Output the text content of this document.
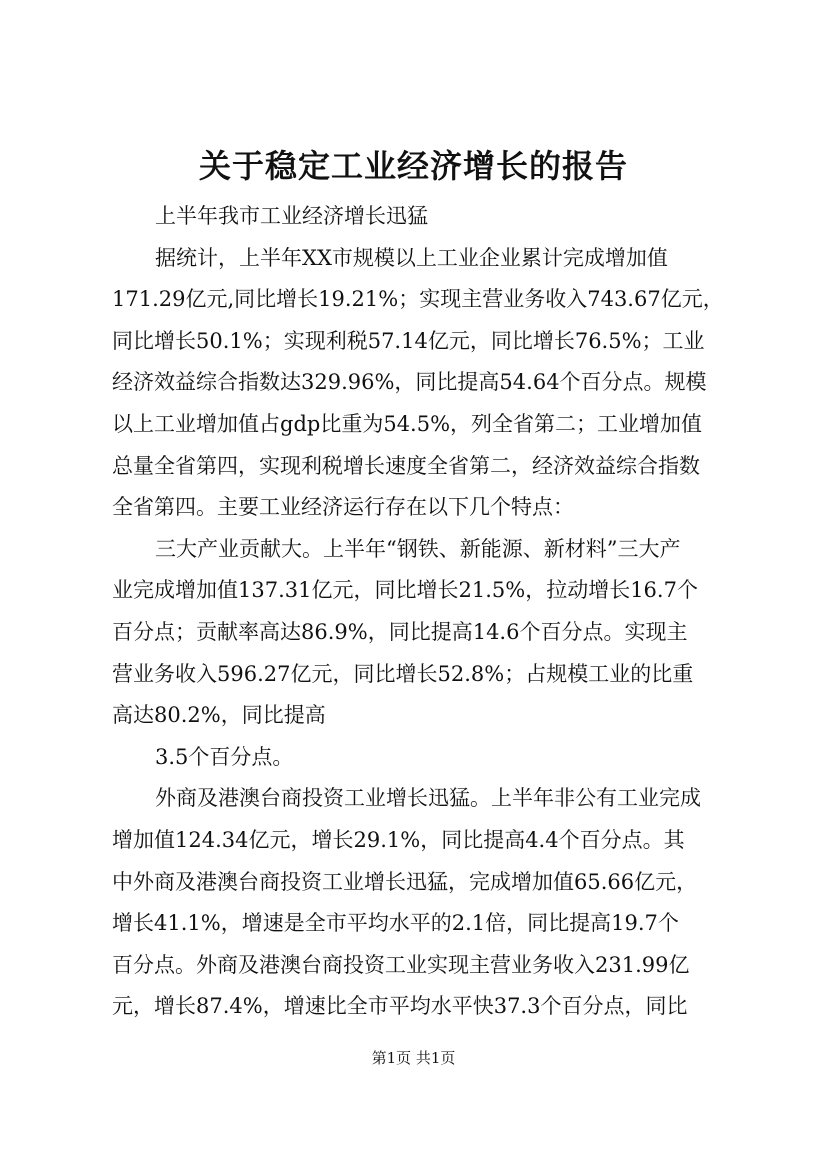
关于稳定工业经济增长的报告
上半年我市工业经济增长迅猛
据统计，上半年XX市规模以上工业企业累计完成增加值
171.29亿元,同比增长19.21%；实现主营业务收入743.67亿元，
同比增长50.1%；实现利税57.14亿元，同比增长76.5%；工业
经济效益综合指数达329.96%，同比提高54.64个百分点。规模
以上工业增加值占gdp比重为54.5%，列全省第二；工业增加值
总量全省第四，实现利税增长速度全省第二，经济效益综合指数
全省第四。主要工业经济运行存在以下几个特点：
三大产业贡献大。上半年“钢铁、新能源、新材料”三大产
业完成增加值137.31亿元，同比增长21.5%，拉动增长16.7个
百分点；贡献率高达86.9%，同比提高14.6个百分点。实现主
营业务收入596.27亿元，同比增长52.8%；占规模工业的比重
高达80.2%，同比提高
3.5个百分点。
外商及港澳台商投资工业增长迅猛。上半年非公有工业完成
增加值124.34亿元，增长29.1%，同比提高4.4个百分点。其
中外商及港澳台商投资工业增长迅猛，完成增加值65.66亿元，
增长41.1%，增速是全市平均水平的2.1倍，同比提高19.7个
百分点。外商及港澳台商投资工业实现主营业务收入231.99亿
元，增长87.4%，增速比全市平均水平快37.3个百分点，同比
第1页 共1页
